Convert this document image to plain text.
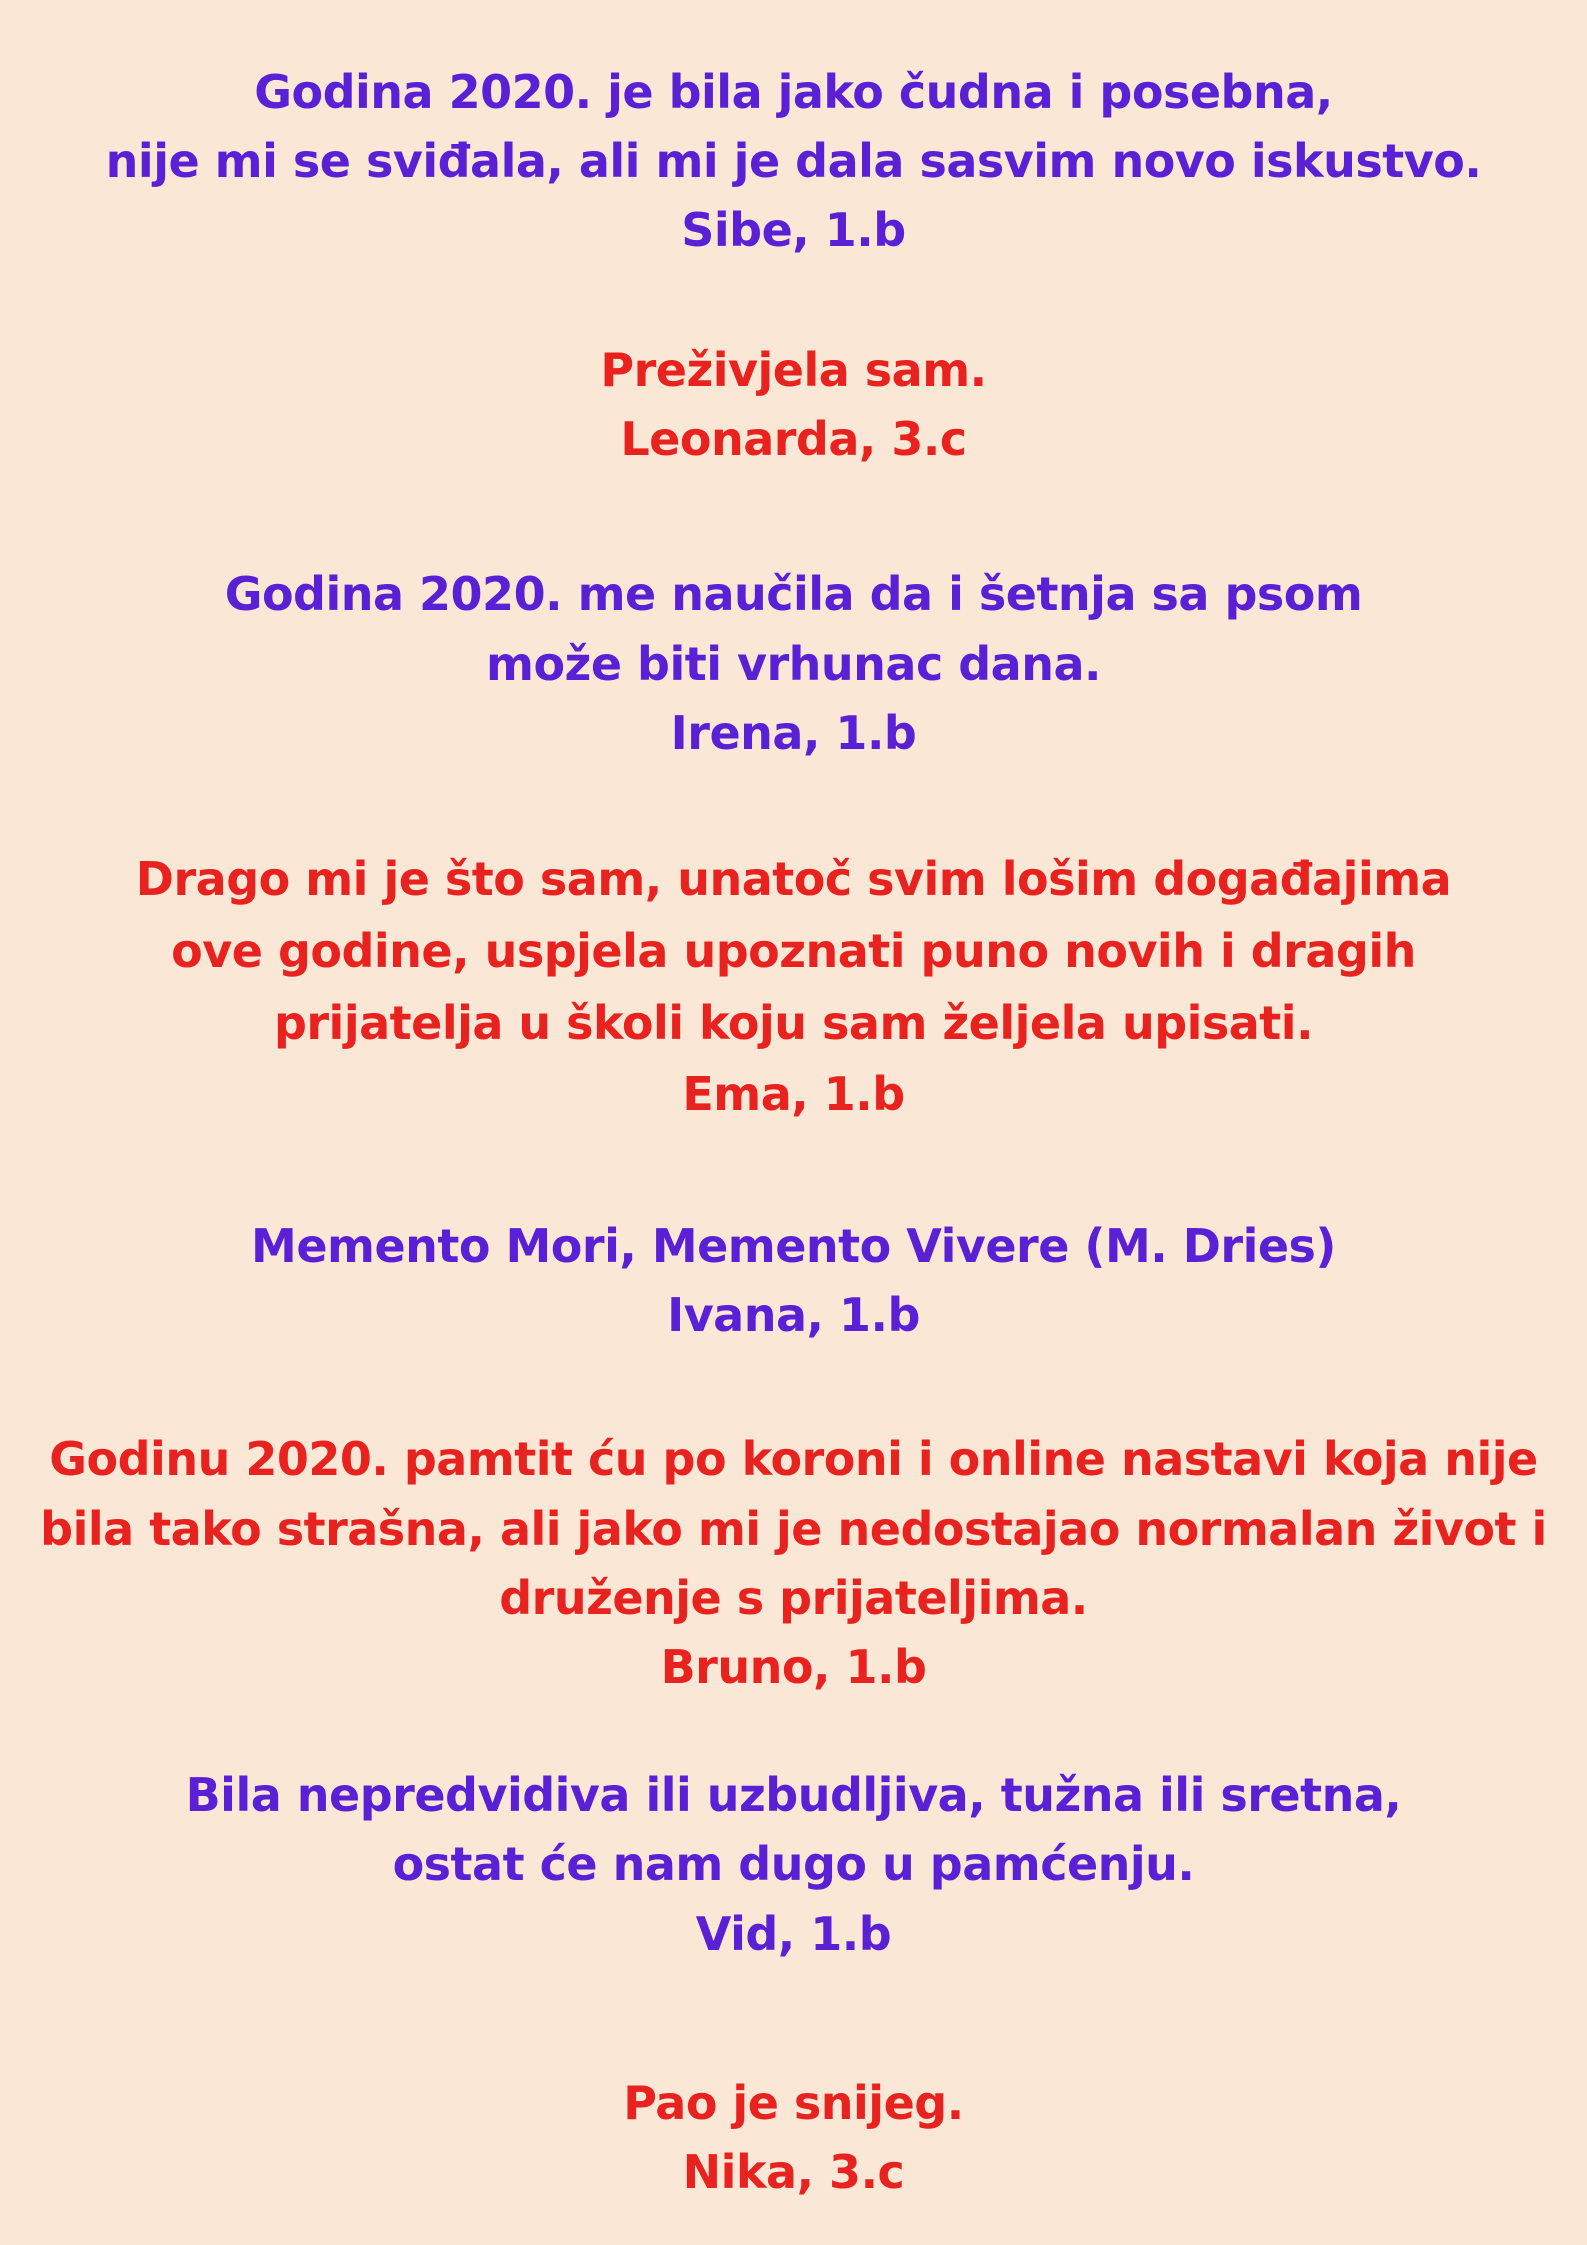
Godina 2020. je bila jako čudna i posebna,
nije mi se sviđala, ali mi je dala sasvim novo iskustvo.
Sibe, 1.b
Preživjela sam.
Leonarda, 3.c
Godina 2020. me naučila da i šetnja sa psom
može biti vrhunac dana.
Irena, 1.b
Drago mi je što sam, unatoč svim lošim događajima
ove godine, uspjela upoznati puno novih i dragih
prijatelja u školi koju sam željela upisati.
Ema, 1.b
Memento Mori, Memento Vivere (M. Dries)
Ivana, 1.b
Godinu 2020. pamtit ću po koroni i online nastavi koja nije
bila tako strašna, ali jako mi je nedostajao normalan život i
druženje s prijateljima.
Bruno, 1.b
Bila nepredvidiva ili uzbudljiva, tužna ili sretna,
ostat će nam dugo u pamćenju.
Vid, 1.b
Pao je snijeg.
Nika, 3.c
